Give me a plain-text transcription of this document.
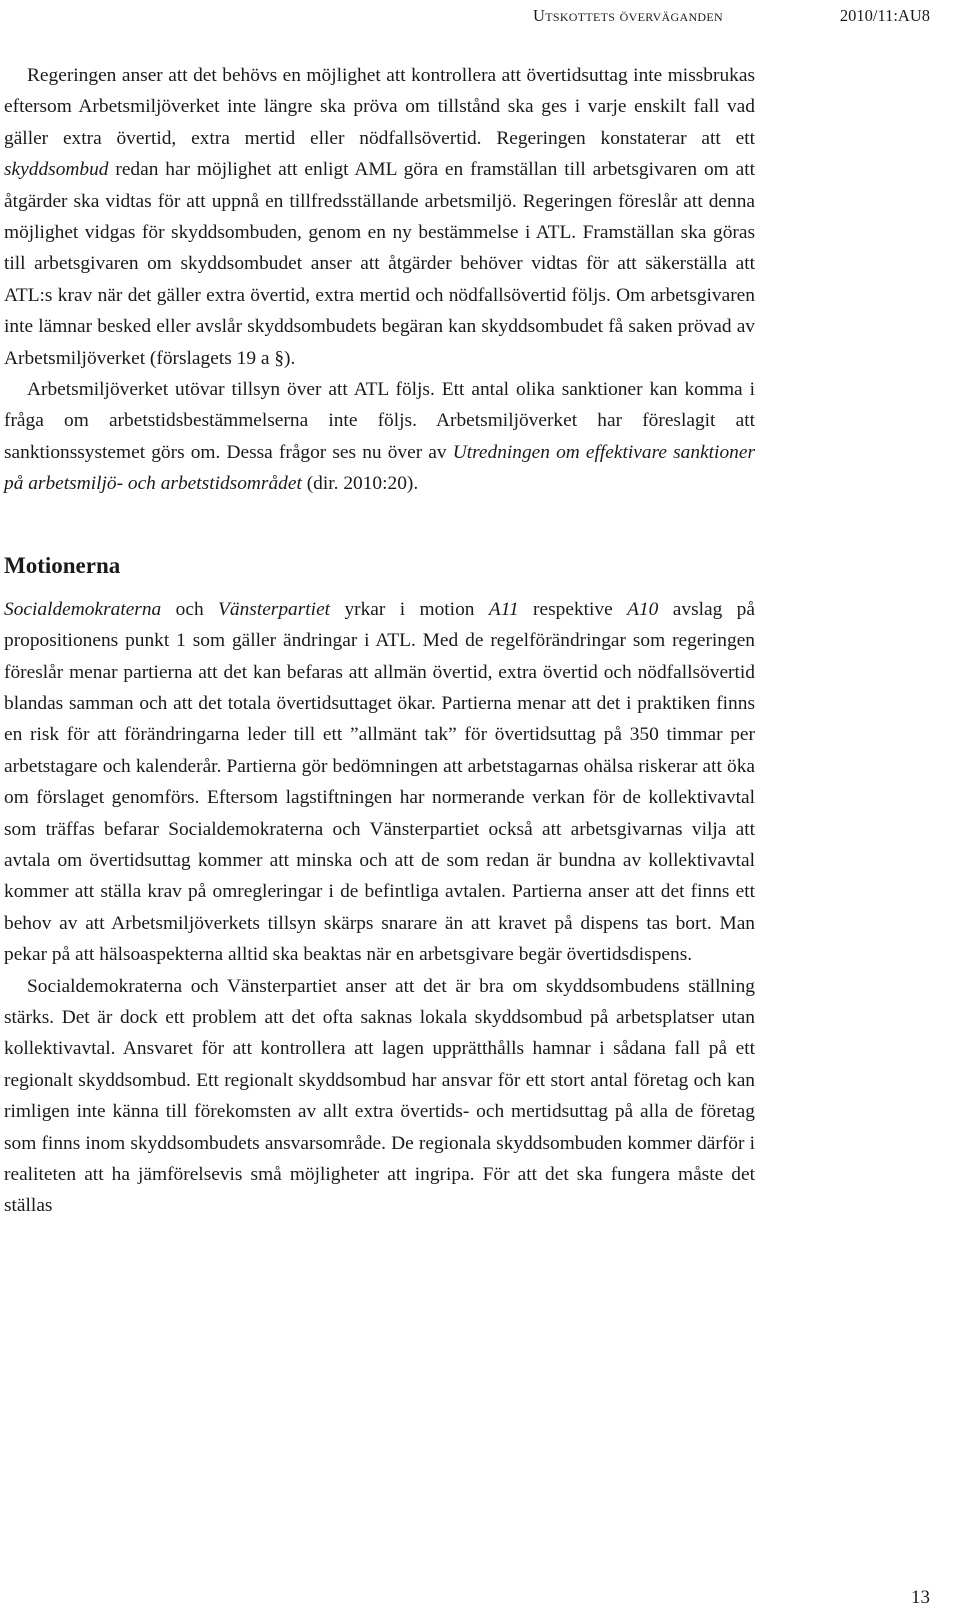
Utskottets överväganden	2010/11:AU8

Regeringen anser att det behövs en möjlighet att kontrollera att övertidsuttag inte missbrukas eftersom Arbetsmiljöverket inte längre ska pröva om tillstånd ska ges i varje enskilt fall vad gäller extra övertid, extra mertid eller nödfallsövertid. Regeringen konstaterar att ett skyddsombud redan har möjlighet att enligt AML göra en framställan till arbetsgivaren om att åtgärder ska vidtas för att uppnå en tillfredsställande arbetsmiljö. Regeringen föreslår att denna möjlighet vidgas för skyddsombuden, genom en ny bestämmelse i ATL. Framställan ska göras till arbetsgivaren om skyddsombudet anser att åtgärder behöver vidtas för att säkerställa att ATL:s krav när det gäller extra övertid, extra mertid och nödfallsövertid följs. Om arbetsgivaren inte lämnar besked eller avslår skyddsombudets begäran kan skyddsombudet få saken prövad av Arbetsmiljöverket (förslagets 19 a §).

Arbetsmiljöverket utövar tillsyn över att ATL följs. Ett antal olika sanktioner kan komma i fråga om arbetstidsbestämmelserna inte följs. Arbetsmiljöverket har föreslagit att sanktionssystemet görs om. Dessa frågor ses nu över av Utredningen om effektivare sanktioner på arbetsmiljö- och arbetstidsområdet (dir. 2010:20).

Motionerna

Socialdemokraterna och Vänsterpartiet yrkar i motion A11 respektive A10 avslag på propositionens punkt 1 som gäller ändringar i ATL. Med de regelförändringar som regeringen föreslår menar partierna att det kan befaras att allmän övertid, extra övertid och nödfallsövertid blandas samman och att det totala övertidsuttaget ökar. Partierna menar att det i praktiken finns en risk för att förändringarna leder till ett ”allmänt tak” för övertidsuttag på 350 timmar per arbetstagare och kalenderår. Partierna gör bedömningen att arbetstagarnas ohälsa riskerar att öka om förslaget genomförs. Eftersom lagstiftningen har normerande verkan för de kollektivavtal som träffas befarar Socialdemokraterna och Vänsterpartiet också att arbetsgivarnas vilja att avtala om övertidsuttag kommer att minska och att de som redan är bundna av kollektivavtal kommer att ställa krav på omregleringar i de befintliga avtalen. Partierna anser att det finns ett behov av att Arbetsmiljöverkets tillsyn skärps snarare än att kravet på dispens tas bort. Man pekar på att hälsoaspekterna alltid ska beaktas när en arbetsgivare begär övertidsdispens.

Socialdemokraterna och Vänsterpartiet anser att det är bra om skyddsombudens ställning stärks. Det är dock ett problem att det ofta saknas lokala skyddsombud på arbetsplatser utan kollektivavtal. Ansvaret för att kontrollera att lagen upprätthålls hamnar i sådana fall på ett regionalt skyddsombud. Ett regionalt skyddsombud har ansvar för ett stort antal företag och kan rimligen inte känna till förekomsten av allt extra övertids- och mertidsuttag på alla de företag som finns inom skyddsombudets ansvarsområde. De regionala skyddsombuden kommer därför i realiteten att ha jämförelsevis små möjligheter att ingripa. För att det ska fungera måste det ställas

13
